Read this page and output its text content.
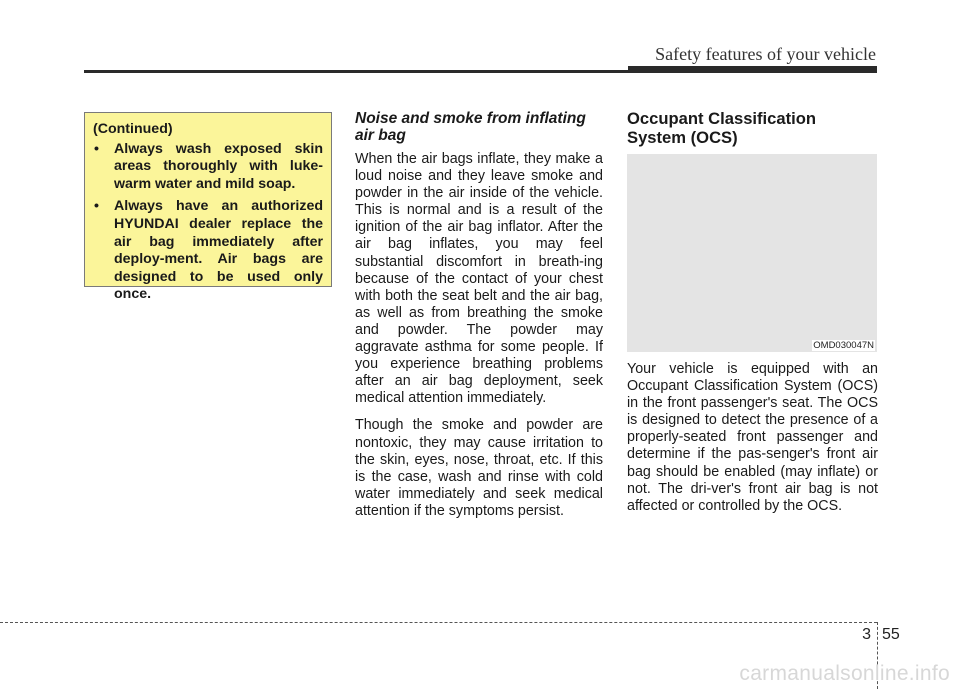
Safety features of your vehicle
(Continued)
• Always wash exposed skin areas thoroughly with luke-warm water and mild soap.
• Always have an authorized HYUNDAI dealer replace the air bag immediately after deploy-ment. Air bags are designed to be used only once.
Noise and smoke from inflating air bag

When the air bags inflate, they make a loud noise and they leave smoke and powder in the air inside of the vehicle. This is normal and is a result of the ignition of the air bag inflator. After the air bag inflates, you may feel substantial discomfort in breath-ing because of the contact of your chest with both the seat belt and the air bag, as well as from breathing the smoke and powder. The powder may aggravate asthma for some people. If you experience breathing problems after an air bag deployment, seek medical attention immediately.

Though the smoke and powder are nontoxic, they may cause irritation to the skin, eyes, nose, throat, etc. If this is the case, wash and rinse with cold water immediately and seek medical attention if the symptoms persist.

Occupant Classification System (OCS)
OMD030047N

Your vehicle is equipped with an Occupant Classification System (OCS) in the front passenger's seat. The OCS is designed to detect the presence of a properly-seated front passenger and determine if the pas-senger's front air bag should be enabled (may inflate) or not. The dri-ver's front air bag is not affected or controlled by the OCS.

3 55
carmanualsonline.info
